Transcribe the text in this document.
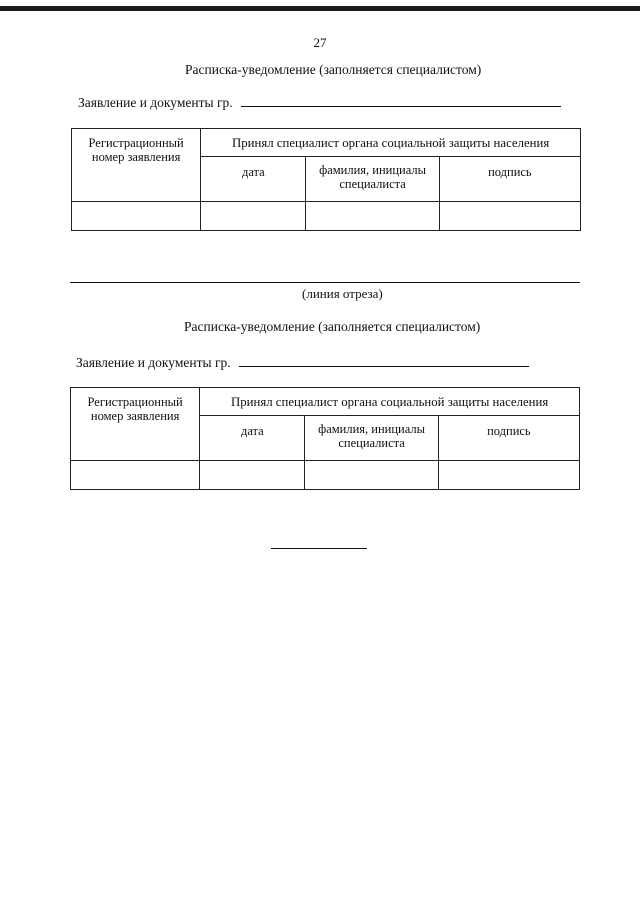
27
Расписка-уведомление (заполняется специалистом)
Заявление и документы гр.
Регистрационный номер заявления	Принял специалист органа социальной защиты населения		
	дата	фамилия, инициалы специалиста	подпись

(линия отреза)
Расписка-уведомление (заполняется специалистом)
Заявление и документы гр.
Регистрационный номер заявления	Принял специалист органа социальной защиты населения		
	дата	фамилия, инициалы специалиста	подпись
